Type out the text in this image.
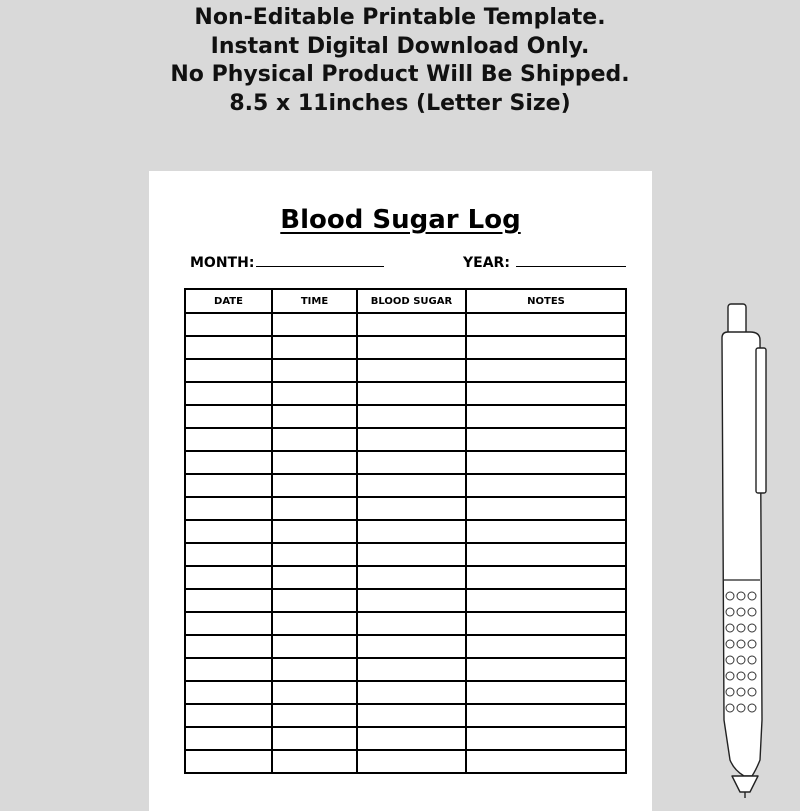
Non-Editable Printable Template.
Instant Digital Download Only.
No Physical Product Will Be Shipped.
8.5 x 11inches (Letter Size)
Blood Sugar Log
MONTH:	YEAR:
DATE	TIME	BLOOD SUGAR	NOTES
